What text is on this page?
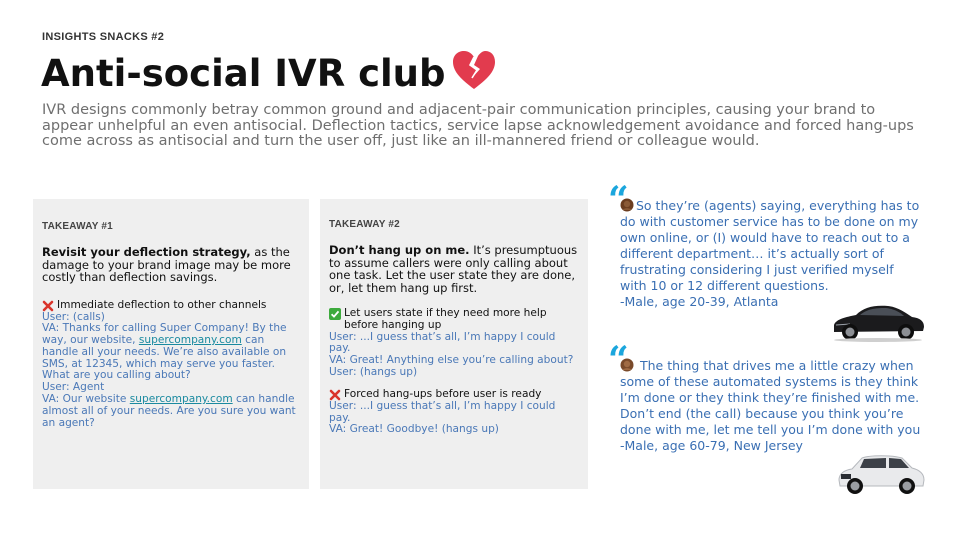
INSIGHTS SNACKS #2
Anti-social IVR club

IVR designs commonly betray common ground and adjacent-pair communication principles, causing your brand to appear unhelpful an even antisocial. Deflection tactics, service lapse acknowledgement avoidance and forced hang-ups come across as antisocial and turn the user off, just like an ill-mannered friend or colleague would.

TAKEAWAY #1
Revisit your deflection strategy, as the damage to your brand image may be more costly than deflection savings.
Immediate deflection to other channels
User: (calls)
VA: Thanks for calling Super Company! By the way, our website, supercompany.com can handle all your needs. We’re also available on SMS, at 12345, which may serve you faster. What are you calling about?
User: Agent
VA: Our website supercompany.com can handle almost all of your needs. Are you sure you want an agent?
TAKEAWAY #2
Don’t hang up on me. It’s presumptuous to assume callers were only calling about one task. Let the user state they are done, or, let them hang up first.
Let users state if they need more help before hanging up
User: ...I guess that’s all, I’m happy I could pay.
VA: Great! Anything else you’re calling about?
User: (hangs up)
Forced hang-ups before user is ready
User: ...I guess that’s all, I’m happy I could pay.
VA: Great! Goodbye! (hangs up)
“ So they’re (agents) saying, everything has to do with customer service has to be done on my own online, or (I) would have to reach out to a different department… it’s actually sort of frustrating considering I just verified myself with 10 or 12 different questions.
-Male, age 20-39, Atlanta
“ The thing that drives me a little crazy when some of these automated systems is they think I’m done or they think they’re finished with me. Don’t end (the call) because you think you’re done with me, let me tell you I’m done with you
-Male, age 60-79, New Jersey
